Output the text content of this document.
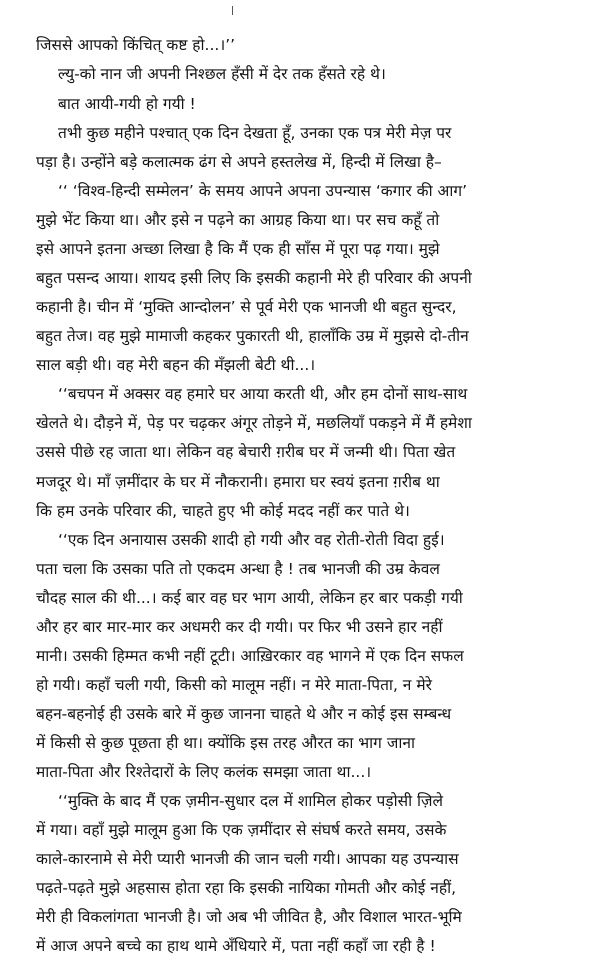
जिससे आपको किंचित् कष्ट हो...।’’
ल्यु-को नान जी अपनी निश्छल हँसी में देर तक हँसते रहे थे।
बात आयी-गयी हो गयी !
तभी कुछ महीने पश्चात् एक दिन देखता हूँ, उनका एक पत्र मेरी मेज़ पर
पड़ा है। उन्होंने बड़े कलात्मक ढंग से अपने हस्तलेख में, हिन्दी में लिखा है–
‘‘ ‘विश्व-हिन्दी सम्मेलन’ के समय आपने अपना उपन्यास ‘कगार की आग’
मुझे भेंट किया था। और इसे न पढ़ने का आग्रह किया था। पर सच कहूँ तो
इसे आपने इतना अच्छा लिखा है कि मैं एक ही साँस में पूरा पढ़ गया। मुझे
बहुत पसन्द आया। शायद इसी लिए कि इसकी कहानी मेरे ही परिवार की अपनी
कहानी है। चीन में ‘मुक्ति आन्दोलन’ से पूर्व मेरी एक भानजी थी बहुत सुन्दर,
बहुत तेज। वह मुझे मामाजी कहकर पुकारती थी, हालाँकि उम्र में मुझसे दो-तीन
साल बड़ी थी। वह मेरी बहन की मँझली बेटी थी...।
‘‘बचपन में अक्सर वह हमारे घर आया करती थी, और हम दोनों साथ-साथ
खेलते थे। दौड़ने में, पेड़ पर चढ़कर अंगूर तोड़ने में, मछलियाँ पकड़ने में मैं हमेशा
उससे पीछे रह जाता था। लेकिन वह बेचारी ग़रीब घर में जन्मी थी। पिता खेत
मजदूर थे। माँ ज़मींदार के घर में नौकरानी। हमारा घर स्वयं इतना ग़रीब था
कि हम उनके परिवार की, चाहते हुए भी कोई मदद नहीं कर पाते थे।
‘‘एक दिन अनायास उसकी शादी हो गयी और वह रोती-रोती विदा हुई।
पता चला कि उसका पति तो एकदम अन्धा है ! तब भानजी की उम्र केवल
चौदह साल की थी...। कई बार वह घर भाग आयी, लेकिन हर बार पकड़ी गयी
और हर बार मार-मार कर अधमरी कर दी गयी। पर फिर भी उसने हार नहीं
मानी। उसकी हिम्मत कभी नहीं टूटी। आख़िरकार वह भागने में एक दिन सफल
हो गयी। कहाँ चली गयी, किसी को मालूम नहीं। न मेरे माता-पिता, न मेरे
बहन-बहनोई ही उसके बारे में कुछ जानना चाहते थे और न कोई इस सम्बन्ध
में किसी से कुछ पूछता ही था। क्योंकि इस तरह औरत का भाग जाना
माता-पिता और रिश्तेदारों के लिए कलंक समझा जाता था...।
‘‘मुक्ति के बाद मैं एक ज़मीन-सुधार दल में शामिल होकर पड़ोसी ज़िले
में गया। वहाँ मुझे मालूम हुआ कि एक ज़मींदार से संघर्ष करते समय, उसके
काले-कारनामे से मेरी प्यारी भानजी की जान चली गयी। आपका यह उपन्यास
पढ़ते-पढ़ते मुझे अहसास होता रहा कि इसकी नायिका गोमती और कोई नहीं,
मेरी ही विकलांगता भानजी है। जो अब भी जीवित है, और विशाल भारत-भूमि
में आज अपने बच्चे का हाथ थामे अँधियारे में, पता नहीं कहाँ जा रही है !
